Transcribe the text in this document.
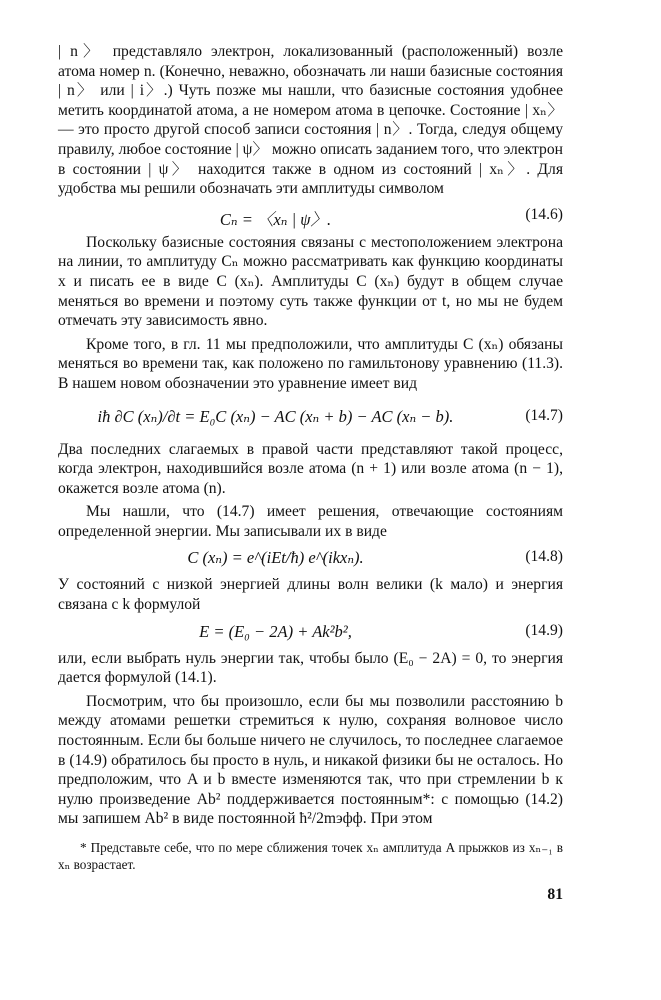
| n〉 представляло электрон, локализованный (расположенный) возле атома номер n. (Конечно, неважно, обозначать ли наши базисные состояния | n〉 или | i〉.) Чуть позже мы нашли, что базисные состояния удобнее метить координатой атома, а не номером атома в цепочке. Состояние | xₙ〉 — это просто другой способ записи состояния | n〉. Тогда, следуя общему правилу, любое состояние | ψ〉 можно описать заданием того, что электрон в состоянии | ψ〉 находится также в одном из состояний | xₙ〉. Для удобства мы решили обозначать эти амплитуды символом

Cₙ = 〈xₙ | ψ〉.	(14.6)

Поскольку базисные состояния связаны с местоположением электрона на линии, то амплитуду Cₙ можно рассматривать как функцию координаты x и писать ее в виде C (xₙ). Амплитуды C (xₙ) будут в общем случае меняться во времени и поэтому суть также функции от t, но мы не будем отмечать эту зависимость явно.

Кроме того, в гл. 11 мы предположили, что амплитуды C (xₙ) обязаны меняться во времени так, как положено по гамильтонову уравнению (11.3). В нашем новом обозначении это уравнение имеет вид

iħ ∂C (xₙ)/∂t = E₀C (xₙ) − AC (xₙ + b) − AC (xₙ − b).	(14.7)

Два последних слагаемых в правой части представляют такой процесс, когда электрон, находившийся возле атома (n + 1) или возле атома (n − 1), окажется возле атома (n).

Мы нашли, что (14.7) имеет решения, отвечающие состояниям определенной энергии. Мы записывали их в виде

C (xₙ) = e^(iEt/ħ) e^(ikxₙ).	(14.8)

У состояний с низкой энергией длины волн велики (k мало) и энергия связана с k формулой

E = (E₀ − 2A) + Ak²b²,	(14.9)

или, если выбрать нуль энергии так, чтобы было (E₀ − 2A) = 0, то энергия дается формулой (14.1).

Посмотрим, что бы произошло, если бы мы позволили расстоянию b между атомами решетки стремиться к нулю, сохраняя волновое число постоянным. Если бы больше ничего не случилось, то последнее слагаемое в (14.9) обратилось бы просто в нуль, и никакой физики бы не осталось. Но предположим, что A и b вместе изменяются так, что при стремлении b к нулю произведение Ab² поддерживается постоянным*: с помощью (14.2) мы запишем Ab² в виде постоянной ħ²/2mэфф. При этом

* Представьте себе, что по мере сближения точек xₙ амплитуда A прыжков из xₙ₋₁ в xₙ возрастает.

81
